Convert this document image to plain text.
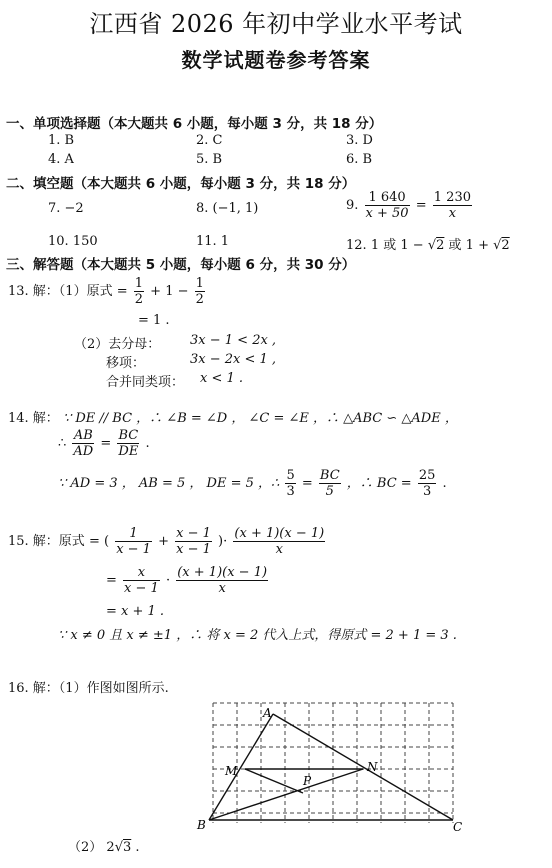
江西省 2026 年初中学业水平考试
数学试题卷参考答案
一、单项选择题（本大题共 6 小题，每小题 3 分，共 18 分）
1. B	2. C	3. D
4. A	5. B	6. B
二、填空题（本大题共 6 小题，每小题 3 分，共 18 分）
7. −2	8. (−1, 1)	9. $\frac{1 640}{x + 50} = \frac{1 230}{x}$
10. 150	11. 1	12. 1 或 1 − √2 或 1 + √2
三、解答题（本大题共 5 小题，每小题 6 分，共 30 分）
13. 解：（1）原式 = $\frac{1}{2} + 1 - \frac{1}{2}$
= 1 .
（2）去分母： 3x − 1 < 2x ,
移项：	3x − 2x < 1 ,
合并同类项： x < 1 .
14. 解： ∵ DE // BC ，∴ ∠B = ∠D ， ∠C = ∠E ，∴ △ABC ∽ △ADE ，
∴ $\frac{AB}{AD} = \frac{BC}{DE}$ .
∵ AD = 3 ， AB = 5 ， DE = 5 ，∴ $\frac{5}{3} = \frac{BC}{5}$ ，∴ BC = $\frac{25}{3}$ .
15. 解：原式 = ( $\frac{1}{x - 1} + \frac{x - 1}{x - 1}$ )· $\frac{(x + 1)(x - 1)}{x}$
= $\frac{x}{x - 1} \cdot \frac{(x + 1)(x - 1)}{x}$
= x + 1 .
∵ x ≠ 0 且 x ≠ ±1 ，∴ 将 x = 2 代入上式，得原式 = 2 + 1 = 3 .
16. 解：（1）作图如图所示.
A
B	C
M	N
P
（2） 2√3 .
